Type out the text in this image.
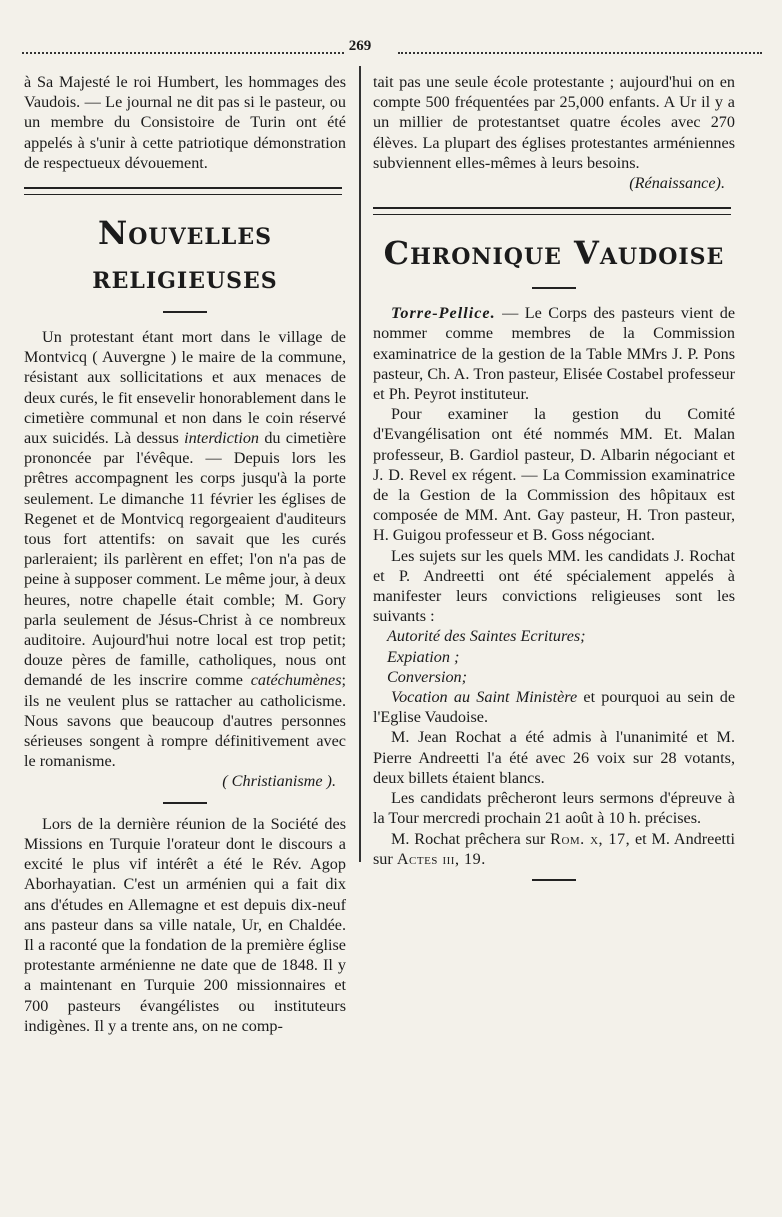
269

à Sa Majesté le roi Humbert, les hommages des Vaudois. — Le journal ne dit pas si le pasteur, ou un membre du Consistoire de Turin ont été appelés à s'unir à cette patriotique démonstration de respectueux dévouement.

Nouvelles religieuses

Un protestant étant mort dans le village de Montvicq ( Auvergne ) le maire de la commune, résistant aux sollicitations et aux menaces de deux curés, le fit ensevelir honorablement dans le cimetière communal et non dans le coin réservé aux suicidés. Là dessus interdiction du cimetière prononcée par l'évêque. — Depuis lors les prêtres accompagnent les corps jusqu'à la porte seulement. Le dimanche 11 février les églises de Regenet et de Montvicq regorgeaient d'auditeurs tous fort attentifs: on savait que les curés parleraient; ils parlèrent en effet; l'on n'a pas de peine à supposer comment. Le même jour, à deux heures, notre chapelle était comble; M. Gory parla seulement de Jésus-Christ à ce nombreux auditoire. Aujourd'hui notre local est trop petit; douze pères de famille, catholiques, nous ont demandé de les inscrire comme catéchumènes; ils ne veulent plus se rattacher au catholicisme. Nous savons que beaucoup d'autres personnes sérieuses songent à rompre définitivement avec le romanisme.

( Christianisme ).

Lors de la dernière réunion de la Société des Missions en Turquie l'orateur dont le discours a excité le plus vif intérêt a été le Rév. Agop Aborhayatian. C'est un arménien qui a fait dix ans d'études en Allemagne et est depuis dix-neuf ans pasteur dans sa ville natale, Ur, en Chaldée. Il a raconté que la fondation de la première église protestante arménienne ne date que de 1848. Il y a maintenant en Turquie 200 missionnaires et 700 pasteurs évangélistes ou instituteurs indigènes. Il y a trente ans, on ne comp-

tait pas une seule école protestante ; aujourd'hui on en compte 500 fréquentées par 25,000 enfants. A Ur il y a un millier de protestantset quatre écoles avec 270 élèves. La plupart des églises protestantes arméniennes subviennent elles-mêmes à leurs besoins.

(Rénaissance).

Chronique Vaudoise

Torre-Pellice. — Le Corps des pasteurs vient de nommer comme membres de la Commission examinatrice de la gestion de la Table MMrs J. P. Pons pasteur, Ch. A. Tron pasteur, Elisée Costabel professeur et Ph. Peyrot instituteur.

Pour examiner la gestion du Comité d'Evangélisation ont été nommés MM. Et. Malan professeur, B. Gardiol pasteur, D. Albarin négociant et J. D. Revel ex régent. — La Commission examinatrice de la Gestion de la Commission des hôpitaux est composée de MM. Ant. Gay pasteur, H. Tron pasteur, H. Guigou professeur et B. Goss négociant.

Les sujets sur les quels MM. les candidats J. Rochat et P. Andreetti ont été spécialement appelés à manifester leurs convictions religieuses sont les suivants :

Autorité des Saintes Ecritures;

Expiation ;

Conversion;

Vocation au Saint Ministère et pourquoi au sein de l'Eglise Vaudoise.

M. Jean Rochat a été admis à l'unanimité et M. Pierre Andreetti l'a été avec 26 voix sur 28 votants, deux billets étaient blancs.

Les candidats prêcheront leurs sermons d'épreuve à la Tour mercredi prochain 21 août à 10 h. précises.

M. Rochat prêchera sur Rom. x, 17, et M. Andreetti sur Actes iii, 19.
